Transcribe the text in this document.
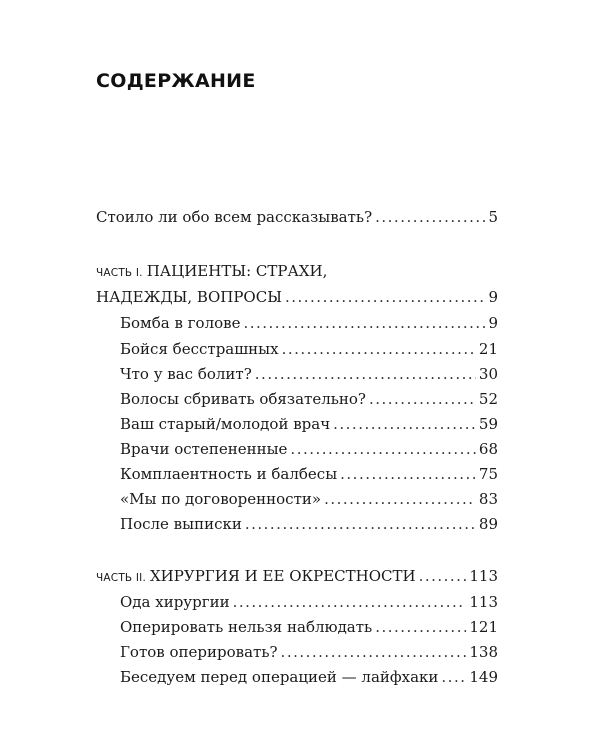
СОДЕРЖАНИЕ
Стоило ли обо всем рассказывать? .....	5
ЧАСТЬ I. ПАЦИЕНТЫ: СТРАХИ,
НАДЕЖДЫ, ВОПРОСЫ .....	9
Бомба в голове .....	9
Бойся бесстрашных .....	21
Что у вас болит? .....	30
Волосы сбривать обязательно? .....	52
Ваш старый/молодой врач .....	59
Врачи остепененные .....	68
Комплаентность и балбесы .....	75
«Мы по договоренности» .....	83
После выписки .....	89
ЧАСТЬ II. ХИРУРГИЯ И ЕЕ ОКРЕСТНОСТИ .....	113
Ода хирургии .....	113
Оперировать нельзя наблюдать .....	121
Готов оперировать? .....	138
Беседуем перед операцией — лайфхаки ..... 149
